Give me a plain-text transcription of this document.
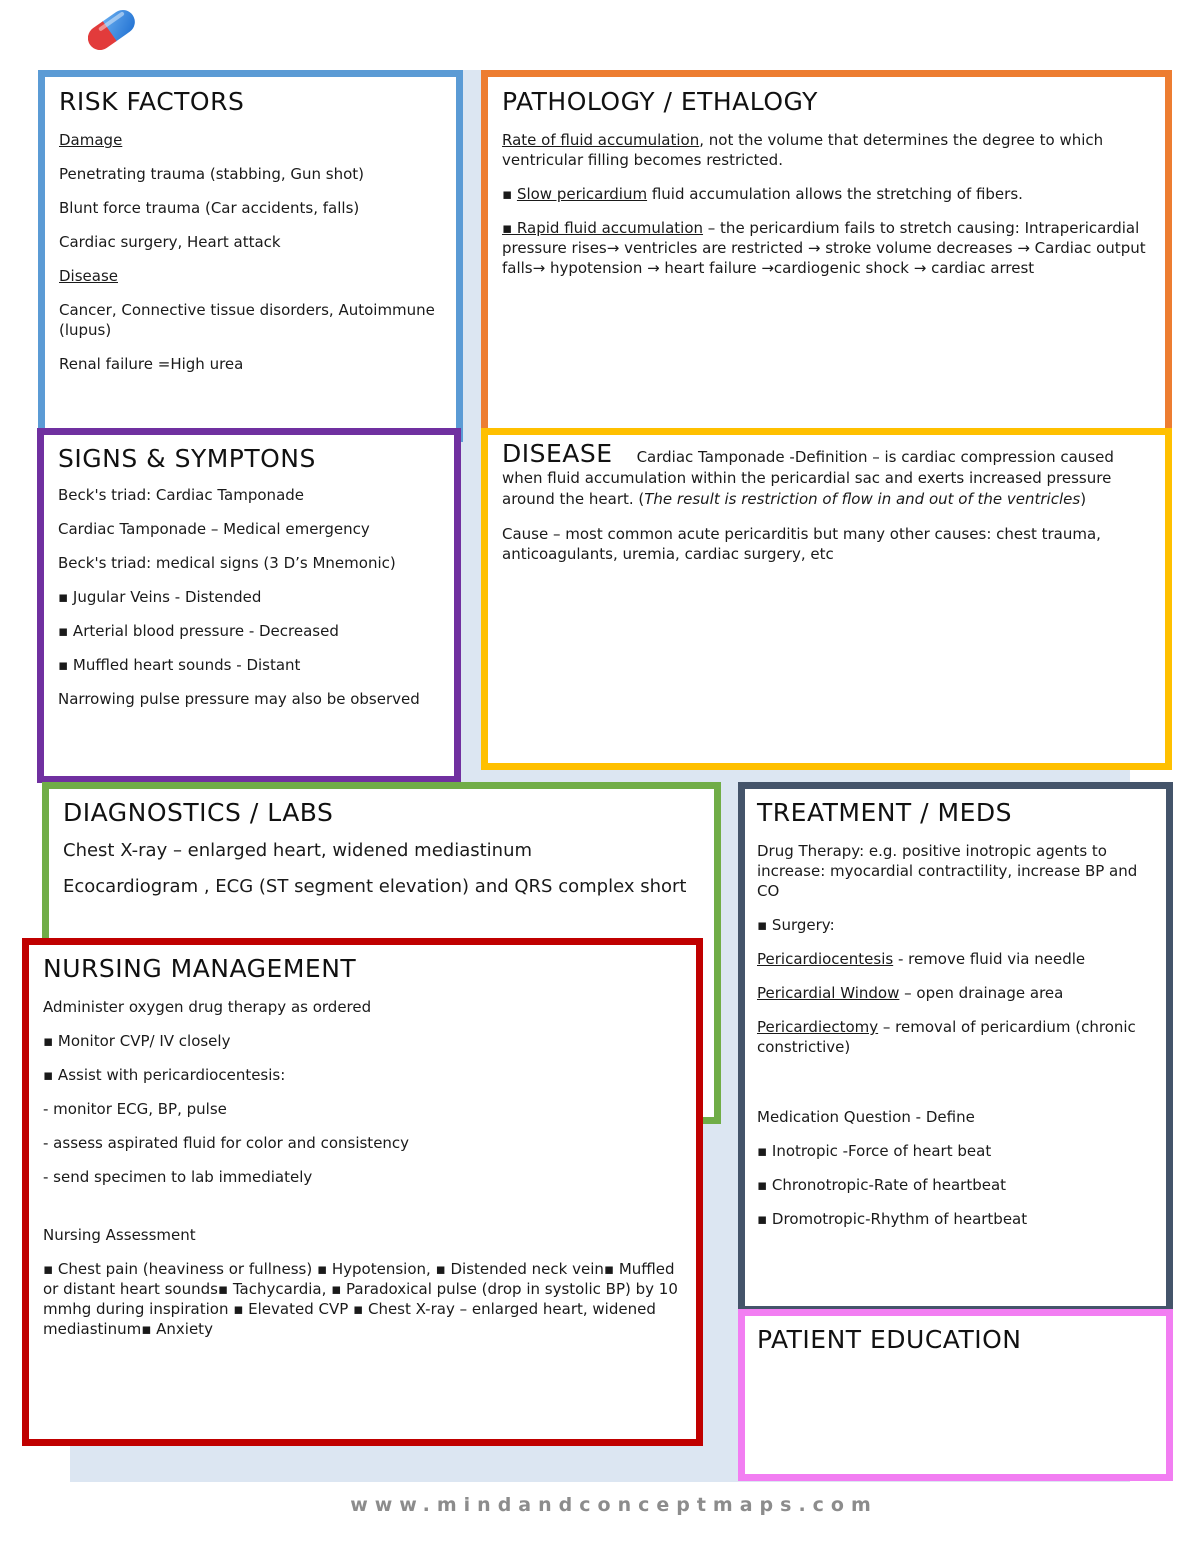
RISK FACTORS

Damage

Penetrating trauma (stabbing, Gun shot)

Blunt force trauma (Car accidents, falls)

Cardiac surgery, Heart attack

Disease

Cancer, Connective tissue disorders, Autoimmune (lupus)

Renal failure =High urea

PATHOLOGY / ETHALOGY

Rate of fluid accumulation, not the volume that determines the degree to which ventricular filling becomes restricted.

▪ Slow pericardium fluid accumulation allows the stretching of fibers.

▪ Rapid fluid accumulation – the pericardium fails to stretch causing: Intrapericardial pressure rises→ ventricles are restricted → stroke volume decreases → Cardiac output falls→ hypotension → heart failure →cardiogenic shock → cardiac arrest

SIGNS & SYMPTONS

Beck's triad: Cardiac Tamponade

Cardiac Tamponade – Medical emergency

Beck's triad: medical signs (3 D’s Mnemonic)

▪ Jugular Veins - Distended

▪ Arterial blood pressure - Decreased

▪ Muffled heart sounds - Distant

Narrowing pulse pressure may also be observed

DISEASE Cardiac Tamponade -Definition – is cardiac compression caused when fluid accumulation within the pericardial sac and exerts increased pressure around the heart. (The result is restriction of flow in and out of the ventricles)

Cause – most common acute pericarditis but many other causes: chest trauma, anticoagulants, uremia, cardiac surgery, etc

DIAGNOSTICS / LABS

Chest X-ray – enlarged heart, widened mediastinum

Ecocardiogram , ECG (ST segment elevation) and QRS complex short

TREATMENT / MEDS

Drug Therapy: e.g. positive inotropic agents to increase: myocardial contractility, increase BP and CO

▪ Surgery:

Pericardiocentesis - remove fluid via needle

Pericardial Window – open drainage area

Pericardiectomy – removal of pericardium (chronic constrictive)

Medication Question - Define

▪ Inotropic -Force of heart beat

▪ Chronotropic-Rate of heartbeat

▪ Dromotropic-Rhythm of heartbeat

NURSING MANAGEMENT

Administer oxygen drug therapy as ordered

▪ Monitor CVP/ IV closely

▪ Assist with pericardiocentesis:

- monitor ECG, BP, pulse

- assess aspirated fluid for color and consistency

- send specimen to lab immediately

Nursing Assessment

▪ Chest pain (heaviness or fullness) ▪ Hypotension, ▪ Distended neck vein▪ Muffled or distant heart sounds▪ Tachycardia, ▪ Paradoxical pulse (drop in systolic BP) by 10 mmhg during inspiration ▪ Elevated CVP ▪ Chest X-ray – enlarged heart, widened mediastinum▪ Anxiety	PATIENT EDUCATION
www.mindandconceptmaps.com
